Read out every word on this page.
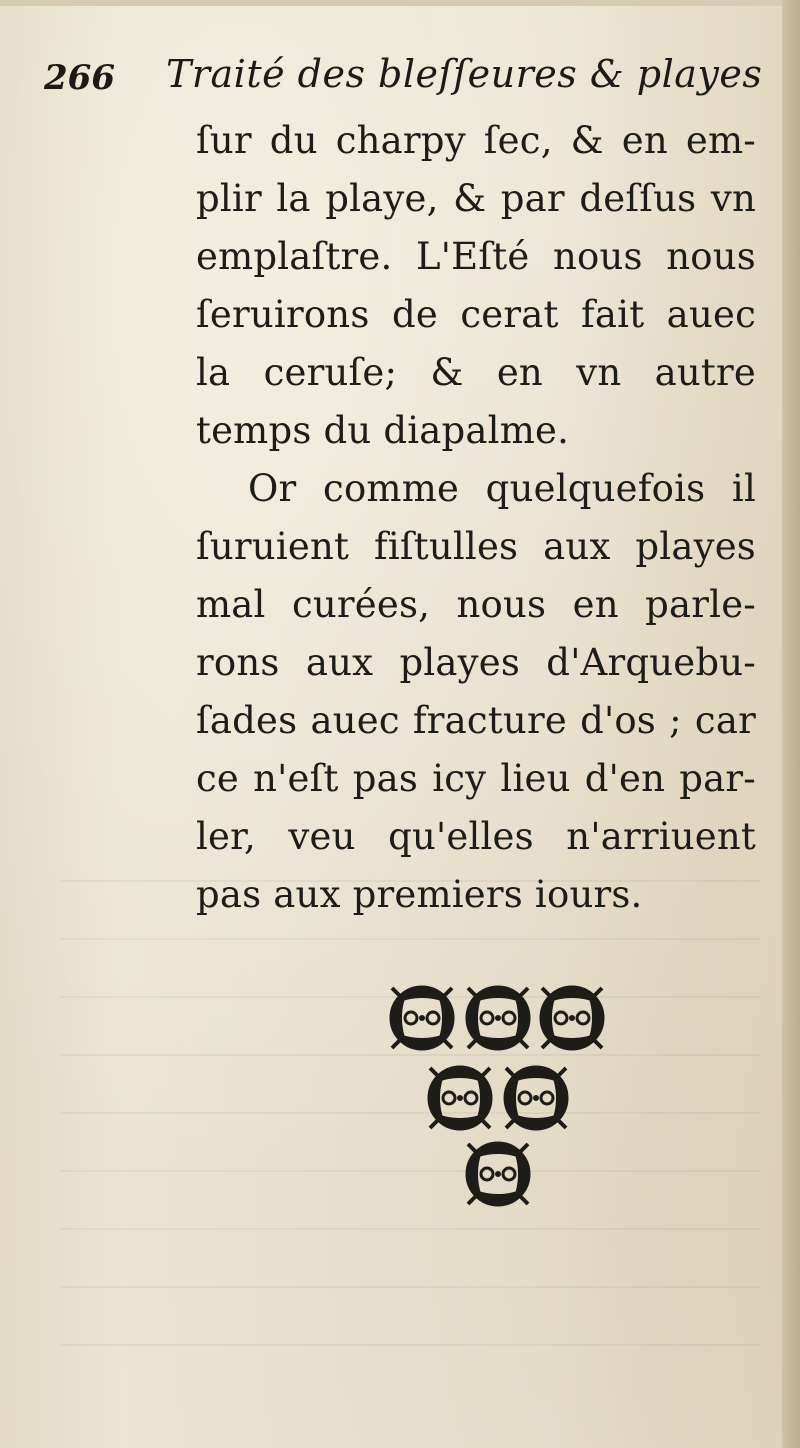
266 Traité des bleſſeures & playes
ſur du charpy ſec, & en em-
plir la playe, & par deſſus vn
emplaſtre. L'Eſté nous nous
ſeruirons de cerat fait auec
la ceruſe; & en vn autre
temps du diapalme.
Or comme quelquefois il
ſuruient fiſtulles aux playes
mal curées, nous en parle-
rons aux playes d'Arquebu-
ſades auec fracture d'os ; car
ce n'eſt pas icy lieu d'en par-
ler, veu qu'elles n'arriuent
pas aux premiers iours.
